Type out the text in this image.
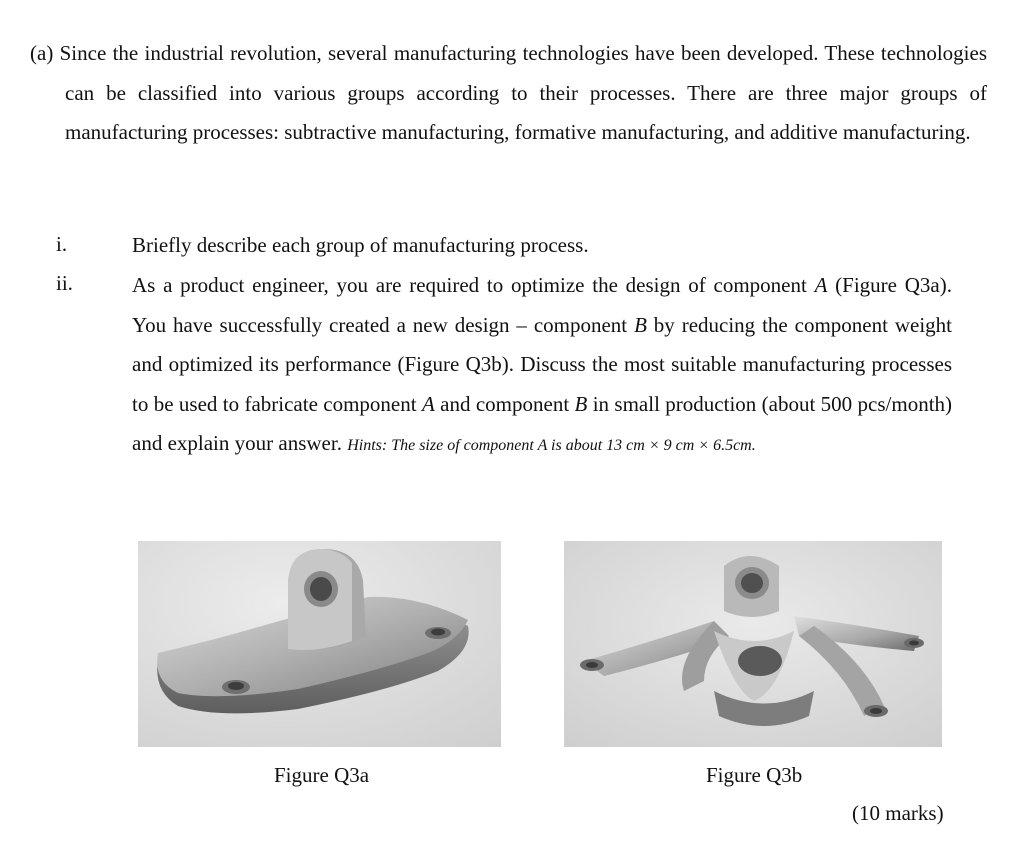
(a) Since the industrial revolution, several manufacturing technologies have been developed. These technologies can be classified into various groups according to their processes. There are three major groups of manufacturing processes: subtractive manufacturing, formative manufacturing, and additive manufacturing.

i.	Briefly describe each group of manufacturing process.

ii.	As a product engineer, you are required to optimize the design of component A (Figure Q3a). You have successfully created a new design – component B by reducing the component weight and optimized its performance (Figure Q3b). Discuss the most suitable manufacturing processes to be used to fabricate component A and component B in small production (about 500 pcs/month) and explain your answer. Hints: The size of component A is about 13 cm × 9 cm × 6.5cm.

Figure Q3a	Figure Q3b
(10 marks)
